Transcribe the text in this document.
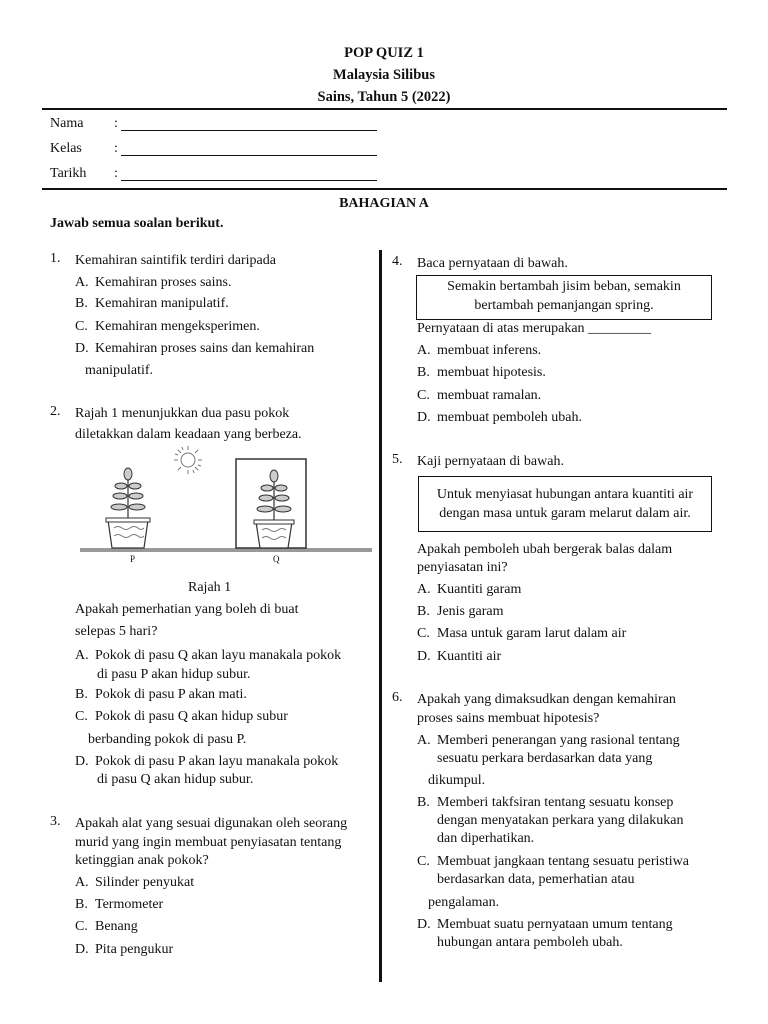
POP QUIZ 1
Malaysia Silibus
Sains, Tahun 5 (2022)
Nama :
Kelas :
Tarikh :
BAHAGIAN A
Jawab semua soalan berikut.
1. Kemahiran saintifik terdiri daripada
A. Kemahiran proses sains.
B. Kemahiran manipulatif.
C. Kemahiran mengeksperimen.
D. Kemahiran proses sains dan kemahiran
manipulatif.
2. Rajah 1 menunjukkan dua pasu pokok
diletakkan dalam keadaan yang berbeza.
P	Q
Rajah 1
Apakah pemerhatian yang boleh di buat
selepas 5 hari?
A. Pokok di pasu Q akan layu manakala pokok
di pasu P akan hidup subur.
B. Pokok di pasu P akan mati.
C. Pokok di pasu Q akan hidup subur
berbanding pokok di pasu P.
D. Pokok di pasu P akan layu manakala pokok
di pasu Q akan hidup subur.
3. Apakah alat yang sesuai digunakan oleh seorang
murid yang ingin membuat penyiasatan tentang
ketinggian anak pokok?
A. Silinder penyukat
B. Termometer
C. Benang
D. Pita pengukur
4. Baca pernyataan di bawah.
Semakin bertambah jisim beban, semakin
bertambah pemanjangan spring.
Pernyataan di atas merupakan _________
A. membuat inferens.
B. membuat hipotesis.
C. membuat ramalan.
D. membuat pemboleh ubah.
5. Kaji pernyataan di bawah.
Untuk menyiasat hubungan antara kuantiti air
dengan masa untuk garam melarut dalam air.
Apakah pemboleh ubah bergerak balas dalam
penyiasatan ini?
A. Kuantiti garam
B. Jenis garam
C. Masa untuk garam larut dalam air
D. Kuantiti air
6. Apakah yang dimaksudkan dengan kemahiran
proses sains membuat hipotesis?
A. Memberi penerangan yang rasional tentang
sesuatu perkara berdasarkan data yang
dikumpul.
B. Memberi takfsiran tentang sesuatu konsep
dengan menyatakan perkara yang dilakukan
dan diperhatikan.
C. Membuat jangkaan tentang sesuatu peristiwa
berdasarkan data, pemerhatian atau
pengalaman.
D. Membuat suatu pernyataan umum tentang
hubungan antara pemboleh ubah.
